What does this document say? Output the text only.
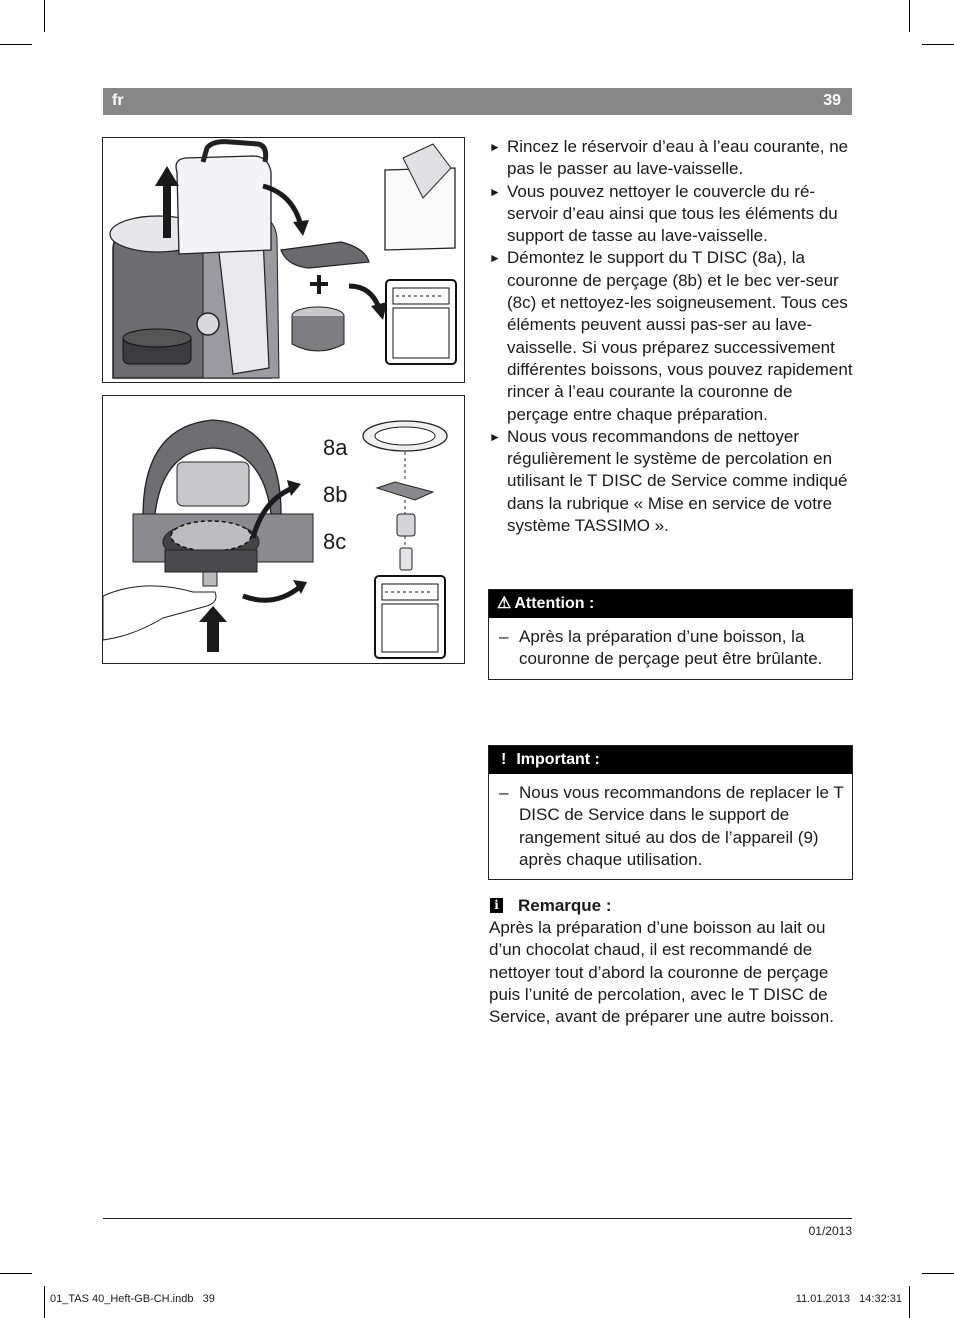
fr	39
8a
8b
8c
► Rincez le réservoir d’eau à l’eau courante, ne pas le passer au lave-vaisselle.
► Vous pouvez nettoyer le couvercle du ré-servoir d’eau ainsi que tous les éléments du support de tasse au lave-vaisselle.
► Démontez le support du T DISC (8a), la couronne de perçage (8b) et le bec ver-seur (8c) et nettoyez-les soigneusement. Tous ces éléments peuvent aussi pas-ser au lave-vaisselle. Si vous préparez successivement différentes boissons, vous pouvez rapidement rincer à l’eau courante la couronne de perçage entre chaque préparation.
► Nous vous recommandons de nettoyer régulièrement le système de percolation en utilisant le T DISC de Service comme indiqué dans la rubrique « Mise en service de votre système TASSIMO ».
⚠ Attention :
– Après la préparation d’une boisson, la couronne de perçage peut être brûlante.
! Important :
– Nous vous recommandons de replacer le T DISC de Service dans le support de rangement situé au dos de l’appareil (9) après chaque utilisation.
i Remarque :
Après la préparation d’une boisson au lait ou d’un chocolat chaud, il est recommandé de nettoyer tout d’abord la couronne de perçage puis l’unité de percolation, avec le T DISC de Service, avant de préparer une autre boisson.
01/2013
01_TAS 40_Heft-GB-CH.indb   39	11.01.2013   14:32:31
